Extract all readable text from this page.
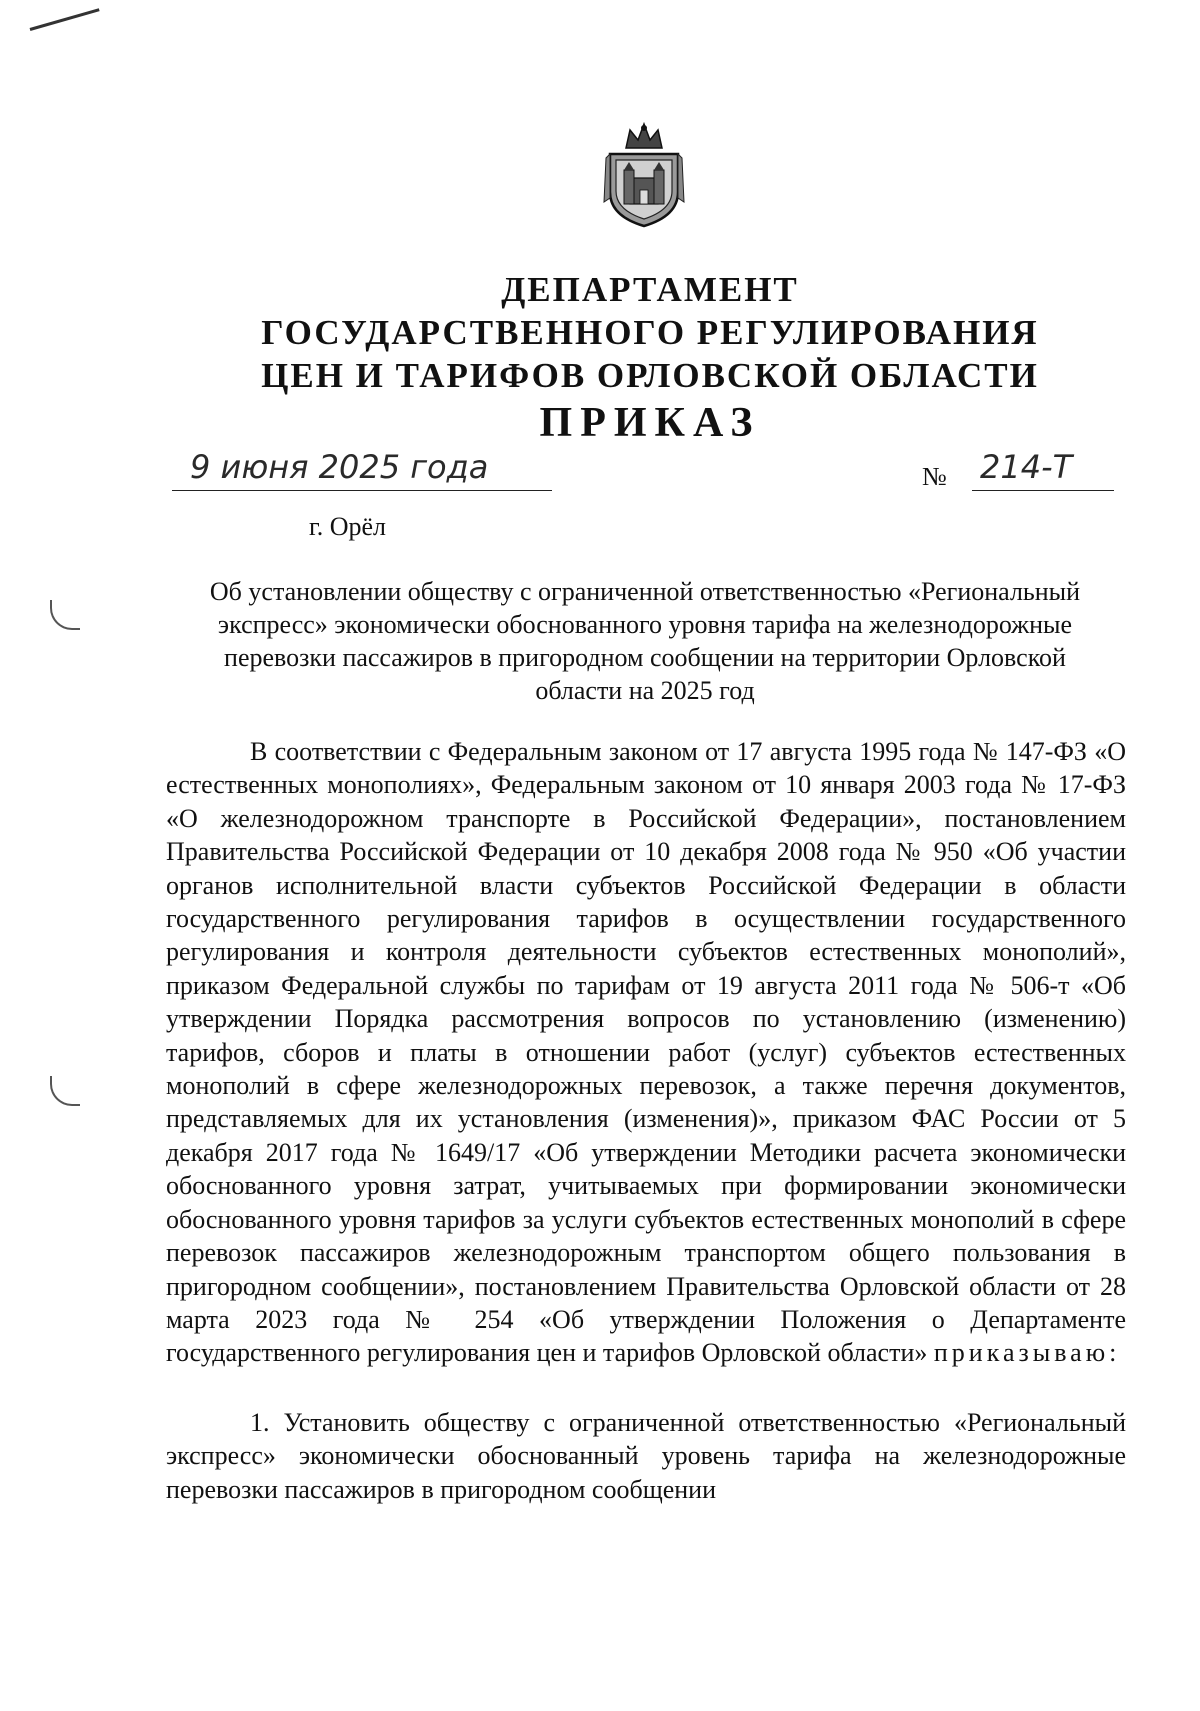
ДЕПАРТАМЕНТ
ГОСУДАРСТВЕННОГО РЕГУЛИРОВАНИЯ
ЦЕН И ТАРИФОВ ОРЛОВСКОЙ ОБЛАСТИ
ПРИКАЗ
9 июня 2025 года	№ 214-Т
г. Орёл
Об установлении обществу с ограниченной ответственностью «Региональный экспресс» экономически обоснованного уровня тарифа на железнодорожные перевозки пассажиров в пригородном сообщении на территории Орловской области на 2025 год

В соответствии с Федеральным законом от 17 августа 1995 года № 147-ФЗ «О естественных монополиях», Федеральным законом от 10 января 2003 года № 17-ФЗ «О железнодорожном транспорте в Российской Федерации», постановлением Правительства Российской Федерации от 10 декабря 2008 года № 950 «Об участии органов исполнительной власти субъектов Российской Федерации в области государственного регулирования тарифов в осуществлении государственного регулирования и контроля деятельности субъектов естественных монополий», приказом Федеральной службы по тарифам от 19 августа 2011 года № 506-т «Об утверждении Порядка рассмотрения вопросов по установлению (изменению) тарифов, сборов и платы в отношении работ (услуг) субъектов естественных монополий в сфере железнодорожных перевозок, а также перечня документов, представляемых для их установления (изменения)», приказом ФАС России от 5 декабря 2017 года № 1649/17 «Об утверждении Методики расчета экономически обоснованного уровня затрат, учитываемых при формировании экономически обоснованного уровня тарифов за услуги субъектов естественных монополий в сфере перевозок пассажиров железнодорожным транспортом общего пользования в пригородном сообщении», постановлением Правительства Орловской области от 28 марта 2023 года № 254 «Об утверждении Положения о Департаменте государственного регулирования цен и тарифов Орловской области» приказываю:

1. Установить обществу с ограниченной ответственностью «Региональный экспресс» экономически обоснованный уровень тарифа на железнодорожные перевозки пассажиров в пригородном сообщении
